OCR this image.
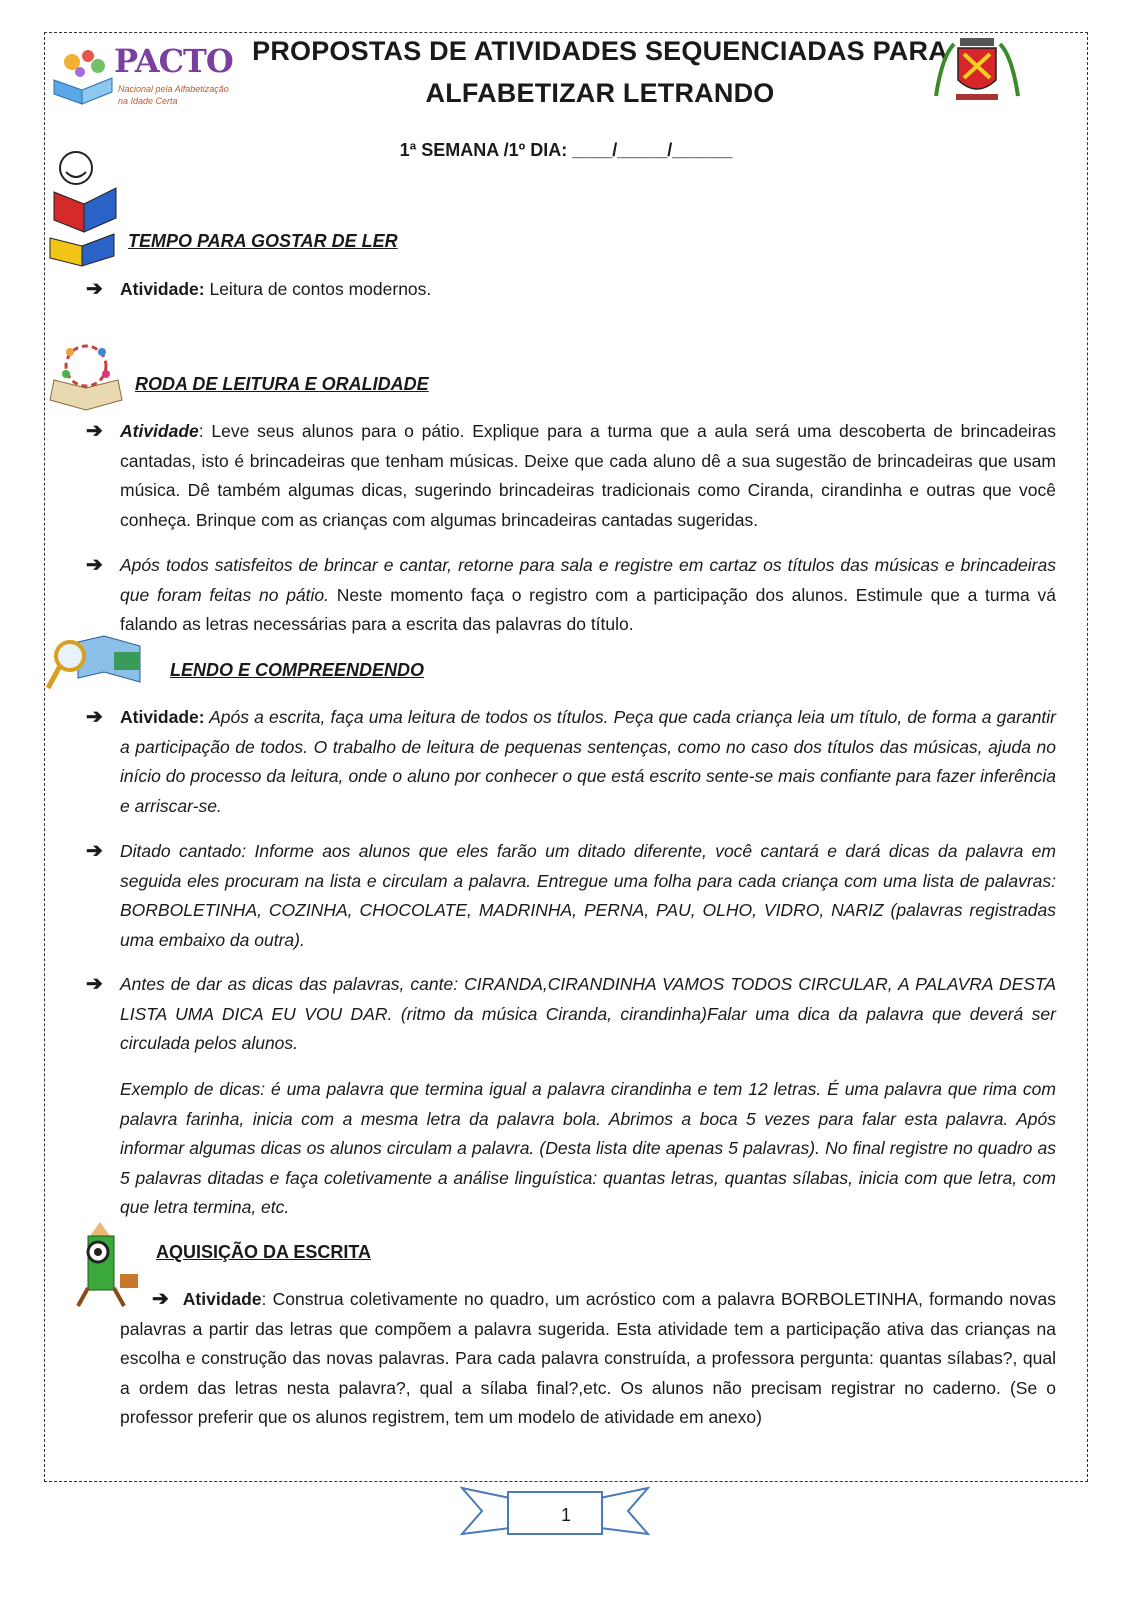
PACTO
Nacional pela Alfabetização
na Idade Certa
PROPOSTAS DE ATIVIDADES SEQUENCIADAS PARA
ALFABETIZAR LETRANDO
1ª SEMANA /1º DIA: ____/_____/______
TEMPO PARA GOSTAR DE LER
➔ Atividade: Leitura de contos modernos.
RODA DE LEITURA E ORALIDADE
➔ Atividade: Leve seus alunos para o pátio. Explique para a turma que a aula será uma descoberta de brincadeiras cantadas, isto é brincadeiras que tenham músicas. Deixe que cada aluno dê a sua sugestão de brincadeiras que usam música. Dê também algumas dicas, sugerindo brincadeiras tradicionais como Ciranda, cirandinha e outras que você conheça. Brinque com as crianças com algumas brincadeiras cantadas sugeridas.
➔ Após todos satisfeitos de brincar e cantar, retorne para sala e registre em cartaz os títulos das músicas e brincadeiras que foram feitas no pátio. Neste momento faça o registro com a participação dos alunos. Estimule que a turma vá falando as letras necessárias para a escrita das palavras do título.
LENDO E COMPREENDENDO
➔ Atividade: Após a escrita, faça uma leitura de todos os títulos. Peça que cada criança leia um título, de forma a garantir a participação de todos. O trabalho de leitura de pequenas sentenças, como no caso dos títulos das músicas, ajuda no início do processo da leitura, onde o aluno por conhecer o que está escrito sente-se mais confiante para fazer inferência e arriscar-se.
➔ Ditado cantado: Informe aos alunos que eles farão um ditado diferente, você cantará e dará dicas da palavra em seguida eles procuram na lista e circulam a palavra. Entregue uma folha para cada criança com uma lista de palavras: BORBOLETINHA, COZINHA, CHOCOLATE, MADRINHA, PERNA, PAU, OLHO, VIDRO, NARIZ (palavras registradas uma embaixo da outra).
➔ Antes de dar as dicas das palavras, cante: CIRANDA,CIRANDINHA VAMOS TODOS CIRCULAR, A PALAVRA DESTA LISTA UMA DICA EU VOU DAR. (ritmo da música Ciranda, cirandinha)Falar uma dica da palavra que deverá ser circulada pelos alunos.
Exemplo de dicas: é uma palavra que termina igual a palavra cirandinha e tem 12 letras. É uma palavra que rima com palavra farinha, inicia com a mesma letra da palavra bola. Abrimos a boca 5 vezes para falar esta palavra. Após informar algumas dicas os alunos circulam a palavra. (Desta lista dite apenas 5 palavras). No final registre no quadro as 5 palavras ditadas e faça coletivamente a análise linguística: quantas letras, quantas sílabas, inicia com que letra, com que letra termina, etc.
AQUISIÇÃO DA ESCRITA
➔ Atividade: Construa coletivamente no quadro, um acróstico com a palavra BORBOLETINHA, formando novas palavras a partir das letras que compõem a palavra sugerida. Esta atividade tem a participação ativa das crianças na escolha e construção das novas palavras. Para cada palavra construída, a professora pergunta: quantas sílabas?, qual a ordem das letras nesta palavra?, qual a sílaba final?,etc. Os alunos não precisam registrar no caderno. (Se o professor preferir que os alunos registrem, tem um modelo de atividade em anexo)
1
